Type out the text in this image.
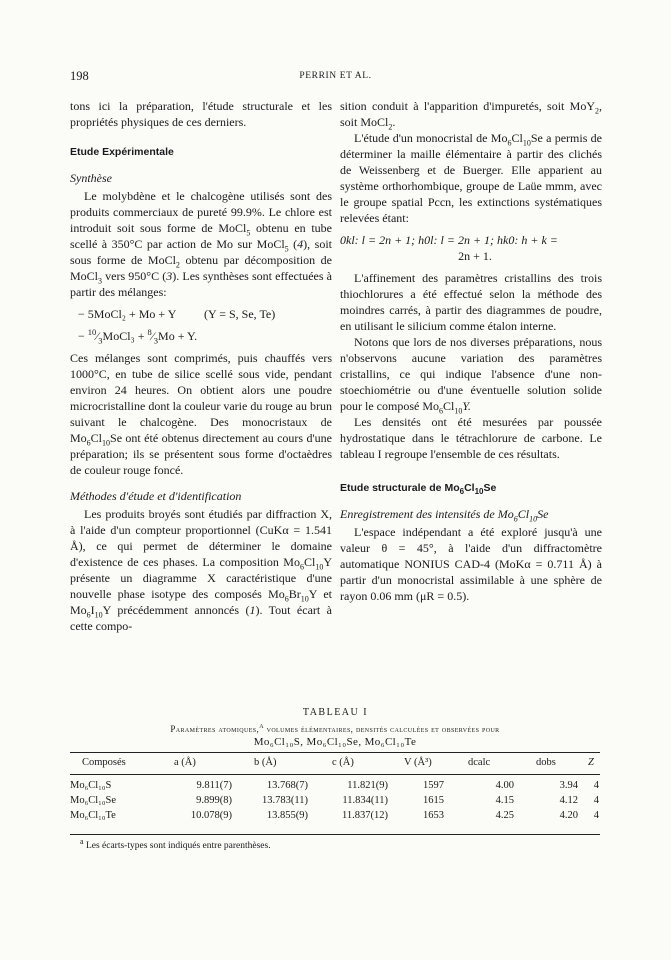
198	PERRIN ET AL.

tons ici la préparation, l'étude structurale et les propriétés physiques de ces derniers.

Etude Expérimentale

Synthèse

Le molybdène et le chalcogène utilisés sont des produits commerciaux de pureté 99.9%. Le chlore est introduit soit sous forme de MoCl$_5$ obtenu en tube scellé à 350°C par action de Mo sur MoCl$_5$ (4), soit sous forme de MoCl$_2$ obtenu par décomposition de MoCl$_3$ vers 950°C (3). Les synthèses sont effectuées à partir des mélanges:

− 5MoCl₂ + Mo + Y (Y = S, Se, Te)

− $^{10}⁄_3MoCl_3$ + $^8⁄_3Mo + Y$.

Ces mélanges sont comprimés, puis chauffés vers 1000°C, en tube de silice scellé sous vide, pendant environ 24 heures. On obtient alors une poudre microcristalline dont la couleur varie du rouge au brun suivant le chalcogène. Des monocristaux de $Mo_6Cl_{10}Se$ ont été obtenus directement au cours d'une préparation; ils se présentent sous forme d'octaèdres de couleur rouge foncé.

Méthodes d'étude et d'identification

Les produits broyés sont étudiés par diffraction X, à l'aide d'un compteur proportionnel (CuKα = 1.541 Å), ce qui permet de déterminer le domaine d'existence de ces phases. La composition $Mo_6Cl_{10}Y$ présente un diagramme X caractéristique d'une nouvelle phase isotype des composés $Mo_6Br_{10}Y$ et $Mo_6I_{10}Y$ précédemment annoncés (1). Tout écart à cette compo-

sition conduit à l'apparition d'impuretés, soit MoY$_2$, soit MoCl$_2$.

L'étude d'un monocristal de $Mo_6Cl_{10}Se$ a permis de déterminer la maille élémentaire à partir des clichés de Weissenberg et de Buerger. Elle apparient au système orthorhombique, groupe de Laüe mmm, avec le groupe spatial Pccn, les extinctions systématiques relevées étant:

0kl: l = 2n + 1; h0l: l = 2n + 1; hk0: h + k =

2n + 1.

L'affinement des paramètres cristallins des trois thiochlorures a été effectué selon la méthode des moindres carrés, à partir des diagrammes de poudre, en utilisant le silicium comme étalon interne.

Notons que lors de nos diverses préparations, nous n'observons aucune variation des paramètres cristallins, ce qui indique l'absence d'une non-stoechiométrie ou d'une éventuelle solution solide pour le composé $Mo_6Cl_{10}Y$.

Les densités ont été mesurées par poussée hydrostatique dans le tétrachlorure de carbone. Le tableau I regroupe l'ensemble de ces résultats.

Etude structurale de $Mo_6Cl_{10}Se$

Enregistrement des intensités de $Mo_6Cl_{10}Se$

L'espace indépendant a été exploré jusqu'à une valeur θ = 45°, à l'aide d'un diffractomètre automatique NONIUS CAD-4 (MoKα = 0.711 Å) à partir d'un monocristal assimilable à une sphère de rayon 0.06 mm (μR = 0.5).

TABLEAU I
Paramètres atomiques,$^a$ volumes élémentaires, densités calculées et observées pour
Mo₆Cl₁₀S, Mo₆Cl₁₀Se, Mo₆Cl₁₀Te
Composés	a (Å)	b (Å)	c (Å)	V (Å³)	dcalc	dobs	Z
Mo₆Cl₁₀S	9.811(7)	13.768(7)	11.821(9)	1597	4.00	3.94	4
Mo₆Cl₁₀Se	9.899(8)	13.783(11)	11.834(11)	1615	4.15	4.12	4
Mo₆Cl₁₀Te	10.078(9)	13.855(9)	11.837(12)	1653	4.25	4.20	4
$^a$ Les écarts-types sont indiqués entre parenthèses.
